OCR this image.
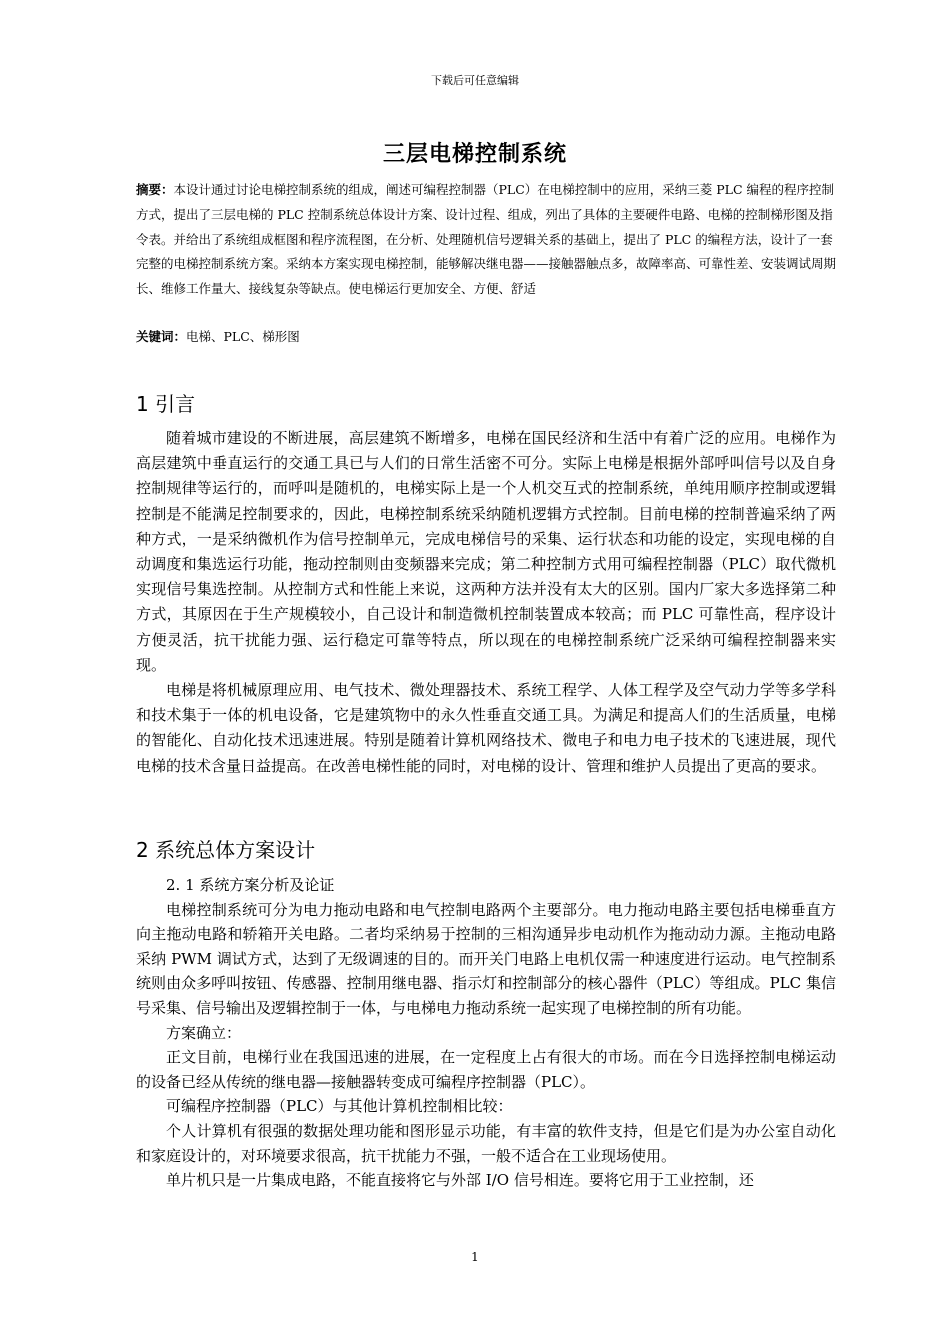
下载后可任意编辑
三层电梯控制系统
摘要：本设计通过讨论电梯控制系统的组成，阐述可编程控制器（PLC）在电梯控制中的应用，采纳三菱 PLC 编程的程序控制方式，提出了三层电梯的 PLC 控制系统总体设计方案、设计过程、组成，列出了具体的主要硬件电路、电梯的控制梯形图及指令表。并给出了系统组成框图和程序流程图，在分析、处理随机信号逻辑关系的基础上，提出了 PLC 的编程方法，设计了一套完整的电梯控制系统方案。采纳本方案实现电梯控制，能够解决继电器——接触器触点多，故障率高、可靠性差、安装调试周期长、维修工作量大、接线复杂等缺点。使电梯运行更加安全、方便、舒适
关键词：电梯、PLC、梯形图
1 引言

随着城市建设的不断进展，高层建筑不断增多，电梯在国民经济和生活中有着广泛的应用。电梯作为高层建筑中垂直运行的交通工具已与人们的日常生活密不可分。实际上电梯是根据外部呼叫信号以及自身控制规律等运行的，而呼叫是随机的，电梯实际上是一个人机交互式的控制系统，单纯用顺序控制或逻辑控制是不能满足控制要求的，因此，电梯控制系统采纳随机逻辑方式控制。目前电梯的控制普遍采纳了两种方式，一是采纳微机作为信号控制单元，完成电梯信号的采集、运行状态和功能的设定，实现电梯的自动调度和集选运行功能，拖动控制则由变频器来完成；第二种控制方式用可编程控制器（PLC）取代微机实现信号集选控制。从控制方式和性能上来说，这两种方法并没有太大的区别。国内厂家大多选择第二种方式，其原因在于生产规模较小，自己设计和制造微机控制装置成本较高；而 PLC 可靠性高，程序设计方便灵活，抗干扰能力强、运行稳定可靠等特点，所以现在的电梯控制系统广泛采纳可编程控制器来实现。

电梯是将机械原理应用、电气技术、微处理器技术、系统工程学、人体工程学及空气动力学等多学科和技术集于一体的机电设备，它是建筑物中的永久性垂直交通工具。为满足和提高人们的生活质量，电梯的智能化、自动化技术迅速进展。特别是随着计算机网络技术、微电子和电力电子技术的飞速进展，现代电梯的技术含量日益提高。在改善电梯性能的同时，对电梯的设计、管理和维护人员提出了更高的要求。

2 系统总体方案设计

2. 1 系统方案分析及论证

电梯控制系统可分为电力拖动电路和电气控制电路两个主要部分。电力拖动电路主要包括电梯垂直方向主拖动电路和轿箱开关电路。二者均采纳易于控制的三相沟通异步电动机作为拖动动力源。主拖动电路采纳 PWM 调试方式，达到了无级调速的目的。而开关门电路上电机仅需一种速度进行运动。电气控制系统则由众多呼叫按钮、传感器、控制用继电器、指示灯和控制部分的核心器件（PLC）等组成。PLC 集信号采集、信号输出及逻辑控制于一体，与电梯电力拖动系统一起实现了电梯控制的所有功能。

方案确立：

正文目前，电梯行业在我国迅速的进展，在一定程度上占有很大的市场。而在今日选择控制电梯运动的设备已经从传统的继电器—接触器转变成可编程序控制器（PLC）。

可编程序控制器（PLC）与其他计算机控制相比较：

个人计算机有很强的数据处理功能和图形显示功能，有丰富的软件支持，但是它们是为办公室自动化和家庭设计的，对环境要求很高，抗干扰能力不强，一般不适合在工业现场使用。

单片机只是一片集成电路，不能直接将它与外部 I/O 信号相连。要将它用于工业控制，还

1
